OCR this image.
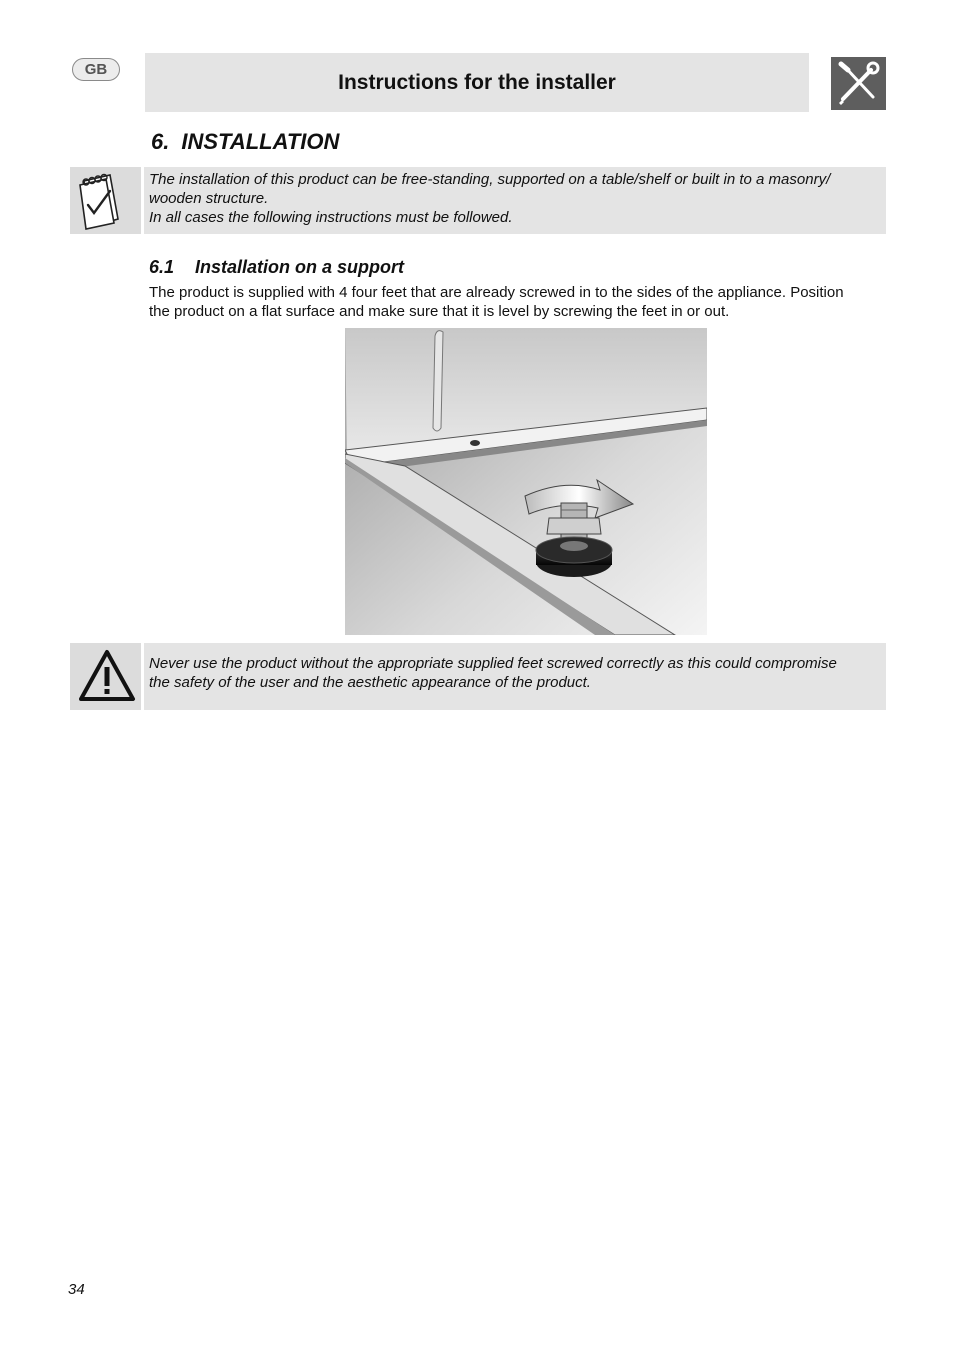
GB
Instructions for the installer
6. INSTALLATION
The installation of this product can be free-standing, supported on a table/shelf or built in to a masonry/
wooden structure.
In all cases the following instructions must be followed.
6.1 Installation on a support
The product is supplied with 4 four feet that are already screwed in to the sides of the appliance. Position
the product on a flat surface and make sure that it is level by screwing the feet in or out.
Never use the product without the appropriate supplied feet screwed correctly as this could compromise
the safety of the user and the aesthetic appearance of the product.
34
